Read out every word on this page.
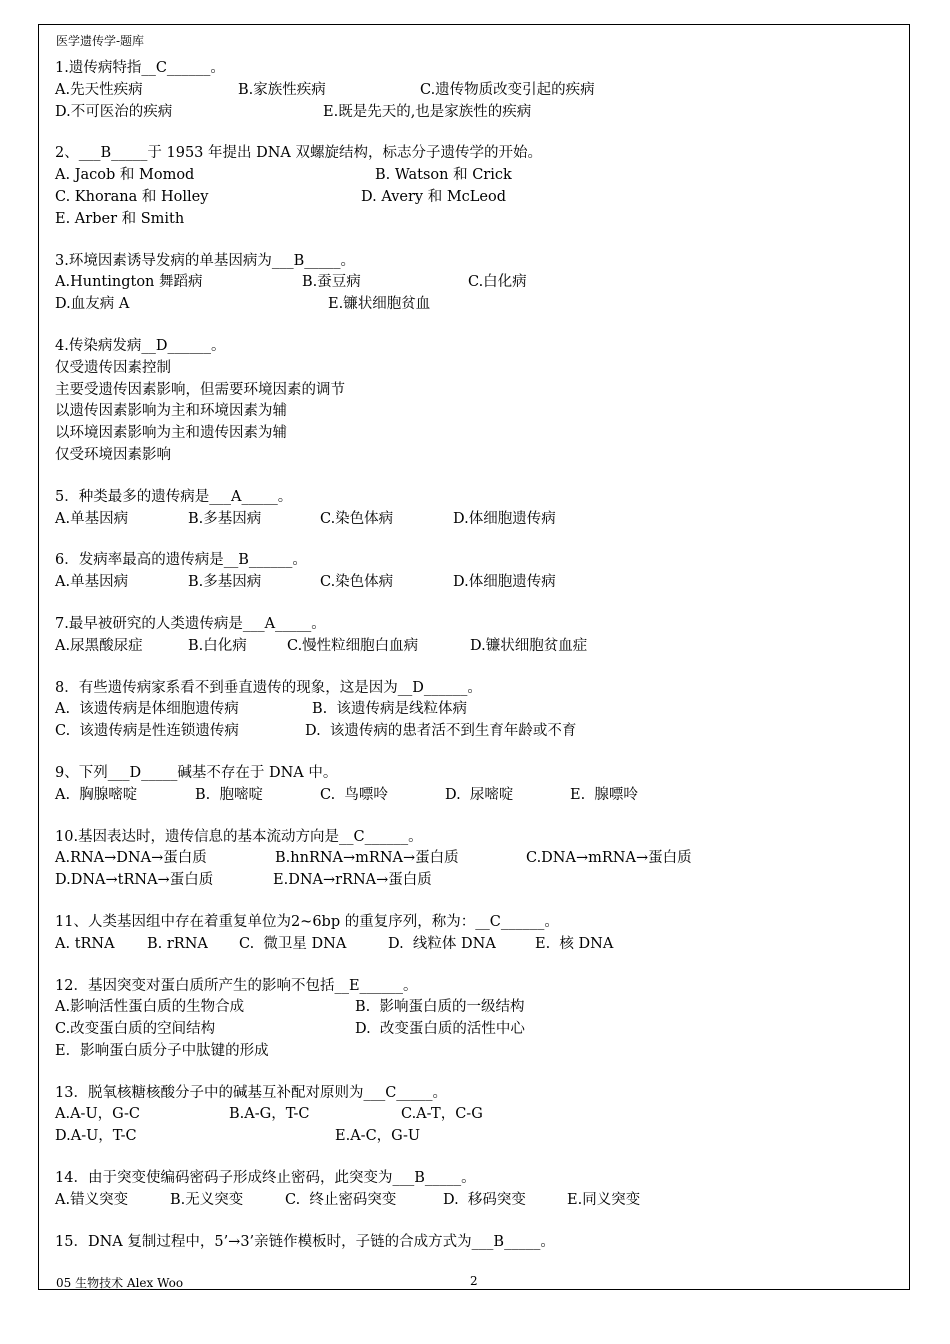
医学遗传学-题库
1.遗传病特指__C______。
A.先天性疾病	B.家族性疾病	C.遗传物质改变引起的疾病
D.不可医治的疾病	E.既是先天的,也是家族性的疾病
2、___B_____于 1953 年提出 DNA 双螺旋结构，标志分子遗传学的开始。
A. Jacob 和 Momod	B. Watson 和 Crick
C. Khorana 和 Holley	D. Avery 和 McLeod
E. Arber 和 Smith
3.环境因素诱导发病的单基因病为___B_____。
A.Huntington 舞蹈病	B.蚕豆病	C.白化病
D.血友病 A	E.镰状细胞贫血
4.传染病发病__D______。
仅受遗传因素控制
主要受遗传因素影响，但需要环境因素的调节
以遗传因素影响为主和环境因素为辅
以环境因素影响为主和遗传因素为辅
仅受环境因素影响
5．种类最多的遗传病是___A_____。
A.单基因病	B.多基因病	C.染色体病	D.体细胞遗传病
6．发病率最高的遗传病是__B______。
A.单基因病	B.多基因病	C.染色体病	D.体细胞遗传病
7.最早被研究的人类遗传病是___A_____。
A.尿黑酸尿症	B.白化病	C.慢性粒细胞白血病	D.镰状细胞贫血症
8．有些遗传病家系看不到垂直遗传的现象，这是因为__D______。
A.  该遗传病是体细胞遗传病	B.  该遗传病是线粒体病
C.  该遗传病是性连锁遗传病	D.  该遗传病的患者活不到生育年龄或不育
9、下列___D_____碱基不存在于 DNA 中。
A.  胸腺嘧啶	B.  胞嘧啶	C.  鸟嘌呤	D.  尿嘧啶	E.  腺嘌呤
10.基因表达时，遗传信息的基本流动方向是__C______。
A.RNA→DNA→蛋白质	B.hnRNA→mRNA→蛋白质	C.DNA→mRNA→蛋白质
D.DNA→tRNA→蛋白质	E.DNA→rRNA→蛋白质
11、人类基因组中存在着重复单位为2~6bp 的重复序列，称为：__C______。
A. tRNA B. rRNA C.  微卫星 DNA	D.  线粒体 DNA	E.  核 DNA
12．基因突变对蛋白质所产生的影响不包括__E______。
A.影响活性蛋白质的生物合成	B.  影响蛋白质的一级结构
C.改变蛋白质的空间结构	D.  改变蛋白质的活性中心
E．影响蛋白质分子中肽键的形成
13．脱氧核糖核酸分子中的碱基互补配对原则为___C_____。
A.A-U，G-C	B.A-G，T-C	C.A-T，C-G
D.A-U，T-C	E.A-C，G-U
14．由于突变使编码密码子形成终止密码，此突变为___B_____。
A.错义突变	B.无义突变	C.  终止密码突变	D.  移码突变	E.同义突变
15．DNA 复制过程中，5’→3’亲链作模板时，子链的合成方式为___B_____。
05 生物技术 Alex Woo	2
